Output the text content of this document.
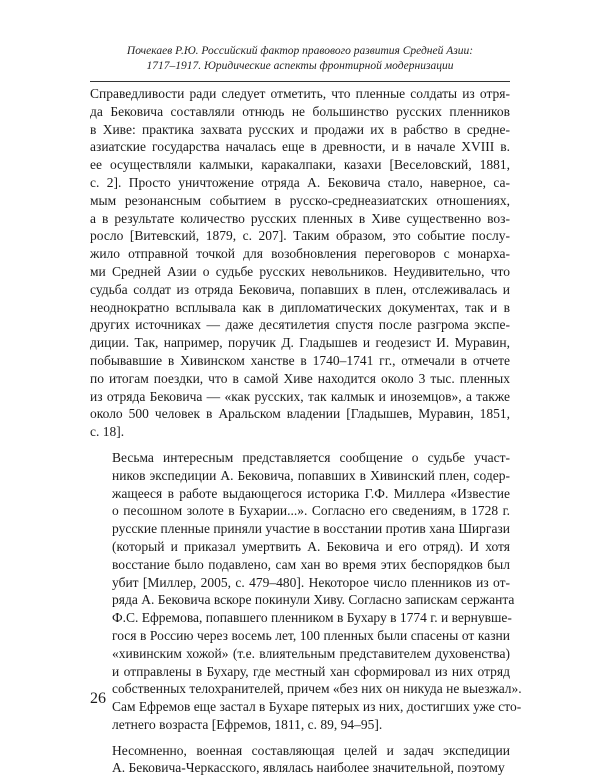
Почекаев Р.Ю. Российский фактор правового развития Средней Азии:
1717–1917. Юридические аспекты фронтирной модернизации

Справедливости ради следует отметить, что пленные солдаты из отря-
да Бековича составляли отнюдь не большинство русских пленников
в Хиве: практика захвата русских и продажи их в рабство в средне-
азиатские государства началась еще в древности, и в начале XVIII в.
ее осуществляли калмыки, каракалпаки, казахи [Веселовский, 1881,
с. 2]. Просто уничтожение отряда А. Бековича стало, наверное, са-
мым резонансным событием в русско-среднеазиатских отношениях,
а в результате количество русских пленных в Хиве существенно воз-
росло [Витевский, 1879, с. 207]. Таким образом, это событие послу-
жило отправной точкой для возобновления переговоров с монарха-
ми Средней Азии о судьбе русских невольников. Неудивительно, что
судьба солдат из отряда Бековича, попавших в плен, отслеживалась и
неоднократно всплывала как в дипломатических документах, так и в
других источниках — даже десятилетия спустя после разгрома экспе-
диции. Так, например, поручик Д. Гладышев и геодезист И. Муравин,
побывавшие в Хивинском ханстве в 1740–1741 гг., отмечали в отчете
по итогам поездки, что в самой Хиве находится около 3 тыс. пленных
из отряда Бековича — «как русских, так калмык и иноземцов», а также
около 500 человек в Аральском владении [Гладышев, Муравин, 1851,
с. 18].

Весьма интересным представляется сообщение о судьбе участ-
ников экспедиции А. Бековича, попавших в Хивинский плен, содер-
жащееся в работе выдающегося историка Г.Ф. Миллера «Известие
о песошном золоте в Бухарии...». Согласно его сведениям, в 1728 г.
русские пленные приняли участие в восстании против хана Ширгази
(который и приказал умертвить А. Бековича и его отряд). И хотя
восстание было подавлено, сам хан во время этих беспорядков был
убит [Миллер, 2005, с. 479–480]. Некоторое число пленников из от-
ряда А. Бековича вскоре покинули Хиву. Согласно запискам сержанта
Ф.С. Ефремова, попавшего пленником в Бухару в 1774 г. и вернувше-
гося в Россию через восемь лет, 100 пленных были спасены от казни
«хивинским хожой» (т.е. влиятельным представителем духовенства)
и отправлены в Бухару, где местный хан сформировал из них отряд
собственных телохранителей, причем «без них он никуда не выезжал».
Сам Ефремов еще застал в Бухаре пятерых из них, достигших уже сто-
летнего возраста [Ефремов, 1811, с. 89, 94–95].

Несомненно, военная составляющая целей и задач экспедиции
А. Бековича-Черкасского, являлась наиболее значительной, поэтому

26
